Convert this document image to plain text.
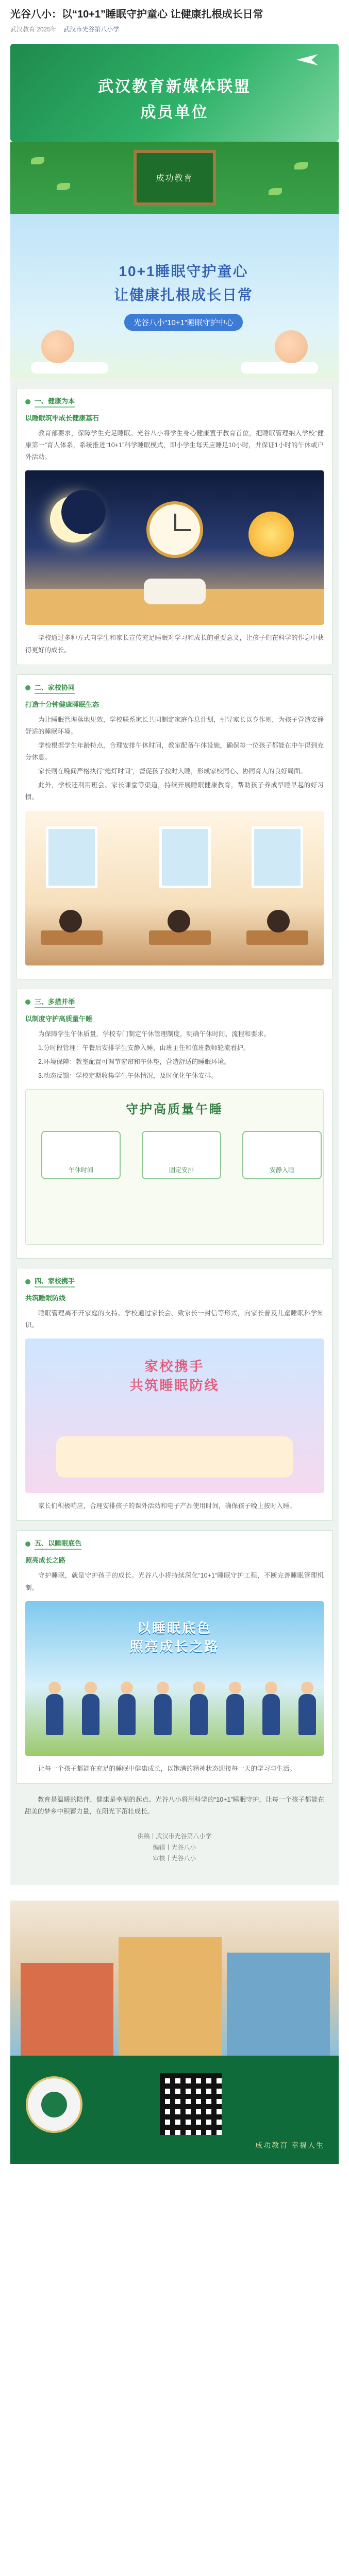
光谷八小：以“10+1”睡眠守护童心 让健康扎根成长日常
武汉教育 2025年 武汉市光谷第八小学
武汉教育新媒体联盟
成员单位
成功教育
10+1睡眠守护童心
让健康扎根成长日常
光谷八小“10+1”睡眠守护中心
一、健康为本
以睡眠筑牢成长健康基石
教育部要求，保障学生充足睡眠。光谷八小将学生身心健康置于教育首位，把睡眠管理纳入学校“健康第一”育人体系，系统推进“10+1”科学睡眠模式，即小学生每天应睡足10小时，并保证1小时的午休或户外活动。
学校通过多种方式向学生和家长宣传充足睡眠对学习和成长的重要意义，让孩子们在科学的作息中获得更好的成长。
二、家校协同
打造十分钟健康睡眠生态
为让睡眠管理落地见效，学校联系家长共同制定家庭作息计划，引导家长以身作则，为孩子营造安静舒适的睡眠环境。
学校根据学生年龄特点，合理安排午休时间，教室配备午休设施，确保每一位孩子都能在中午得到充分休息。
家长则在晚间严格执行“熄灯时间”，督促孩子按时入睡，形成家校同心、协同育人的良好局面。
此外，学校还利用班会、家长课堂等渠道，持续开展睡眠健康教育，帮助孩子养成早睡早起的好习惯。
三、多措并举
以制度守护高质量午睡
为保障学生午休质量，学校专门制定午休管理制度，明确午休时间、流程和要求。
1.分时段管理：午餐后安排学生安静入睡，由班主任和值班教师轮流看护。
2.环境保障：教室配置可调节窗帘和午休垫，营造舒适的睡眠环境。
3.动态反馈：学校定期收集学生午休情况，及时优化午休安排。
守护高质量午睡
午休时间	固定安排	安静入睡
四、家校携手
共筑睡眠防线
睡眠管理离不开家庭的支持。学校通过家长会、致家长一封信等形式，向家长普及儿童睡眠科学知识。
家校携手
共筑睡眠防线
家长们积极响应，合理安排孩子的课外活动和电子产品使用时间，确保孩子晚上按时入睡。
五、以睡眠底色
照亮成长之路
守护睡眠，就是守护孩子的成长。光谷八小将持续深化“10+1”睡眠守护工程，不断完善睡眠管理机制。
以睡眠底色
照亮成长之路
让每一个孩子都能在充足的睡眠中健康成长，以饱满的精神状态迎接每一天的学习与生活。
教育是温暖的陪伴，健康是幸福的起点。光谷八小将用科学的“10+1”睡眠守护，让每一个孩子都能在甜美的梦乡中积蓄力量，在阳光下茁壮成长。
供稿丨武汉市光谷第八小学
编辑丨光谷八小
审核丨光谷八小
成功教育 幸福人生
